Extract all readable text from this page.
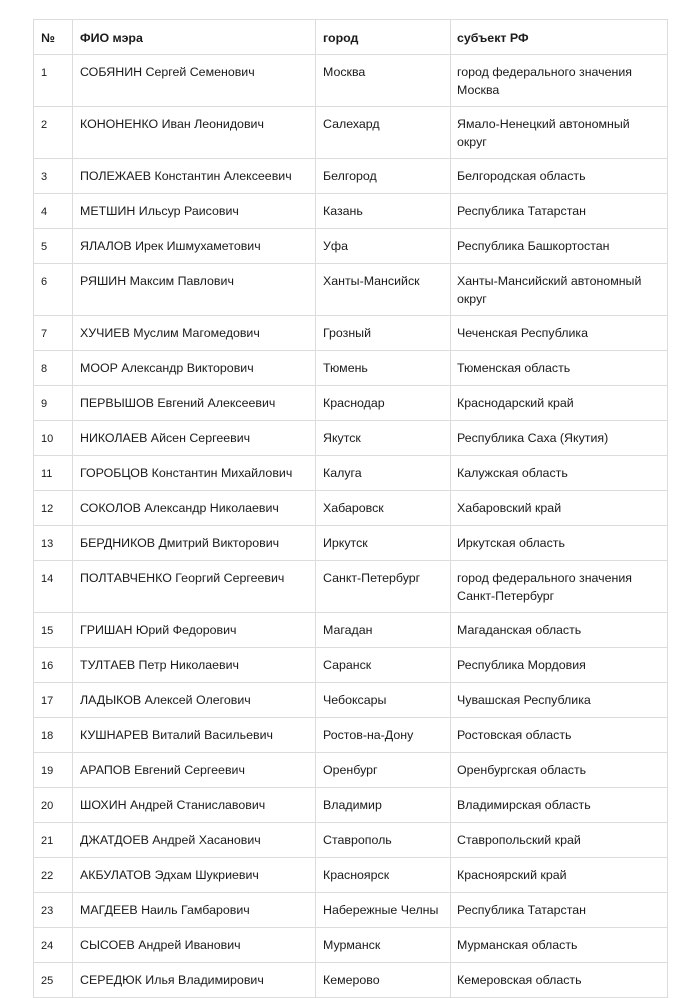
№	ФИО мэра	город	субъект РФ
1	СОБЯНИН Сергей Семенович	Москва	город федерального значения Москва
2	КОНОНЕНКО Иван Леонидович	Салехард	Ямало-Ненецкий автономный округ
3	ПОЛЕЖАЕВ Константин Алексеевич	Белгород	Белгородская область
4	МЕТШИН Ильсур Раисович	Казань	Республика Татарстан
5	ЯЛАЛОВ Ирек Ишмухаметович	Уфа	Республика Башкортостан
6	РЯШИН Максим Павлович	Ханты-Мансийск	Ханты-Мансийский автономный округ
7	ХУЧИЕВ Муслим Магомедович	Грозный	Чеченская Республика
8	МООР Александр Викторович	Тюмень	Тюменская область
9	ПЕРВЫШОВ Евгений Алексеевич	Краснодар	Краснодарский край
10	НИКОЛАЕВ Айсен Сергеевич	Якутск	Республика Саха (Якутия)
11	ГОРОБЦОВ Константин Михайлович	Калуга	Калужская область
12	СОКОЛОВ Александр Николаевич	Хабаровск	Хабаровский край
13	БЕРДНИКОВ Дмитрий Викторович	Иркутск	Иркутская область
14	ПОЛТАВЧЕНКО Георгий Сергеевич	Санкт-Петербург	город федерального значения Санкт-Петербург
15	ГРИШАН Юрий Федорович	Магадан	Магаданская область
16	ТУЛТАЕВ Петр Николаевич	Саранск	Республика Мордовия
17	ЛАДЫКОВ Алексей Олегович	Чебоксары	Чувашская Республика
18	КУШНАРЕВ Виталий Васильевич	Ростов-на-Дону	Ростовская область
19	АРАПОВ Евгений Сергеевич	Оренбург	Оренбургская область
20	ШОХИН Андрей Станиславович	Владимир	Владимирская область
21	ДЖАТДОЕВ Андрей Хасанович	Ставрополь	Ставропольский край
22	АКБУЛАТОВ Эдхам Шукриевич	Красноярск	Красноярский край
23	МАГДЕЕВ Наиль Гамбарович	Набережные Челны	Республика Татарстан
24	СЫСОЕВ Андрей Иванович	Мурманск	Мурманская область
25	СЕРЕДЮК Илья Владимирович	Кемерово	Кемеровская область
